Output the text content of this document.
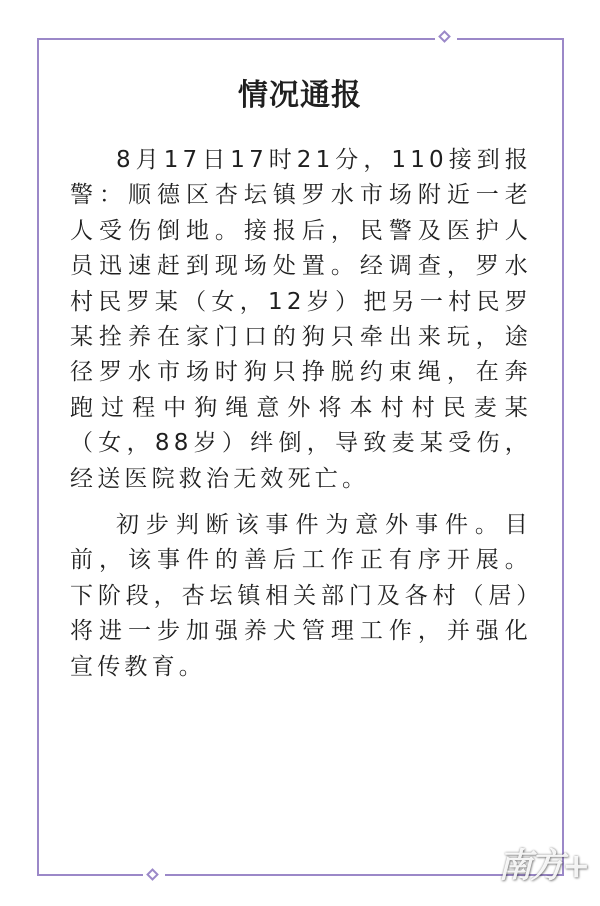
情况通报

8月17日17时21分，110接到报警：顺德区杏坛镇罗水市场附近一老人受伤倒地。接报后，民警及医护人员迅速赶到现场处置。经调查，罗水村民罗某（女，12岁）把另一村民罗某拴养在家门口的狗只牵出来玩，途径罗水市场时狗只挣脱约束绳，在奔跑过程中狗绳意外将本村村民麦某（女，88岁）绊倒，导致麦某受伤，经送医院救治无效死亡。

初步判断该事件为意外事件。目前，该事件的善后工作正有序开展。下阶段，杏坛镇相关部门及各村（居）将进一步加强养犬管理工作，并强化宣传教育。

南方+
